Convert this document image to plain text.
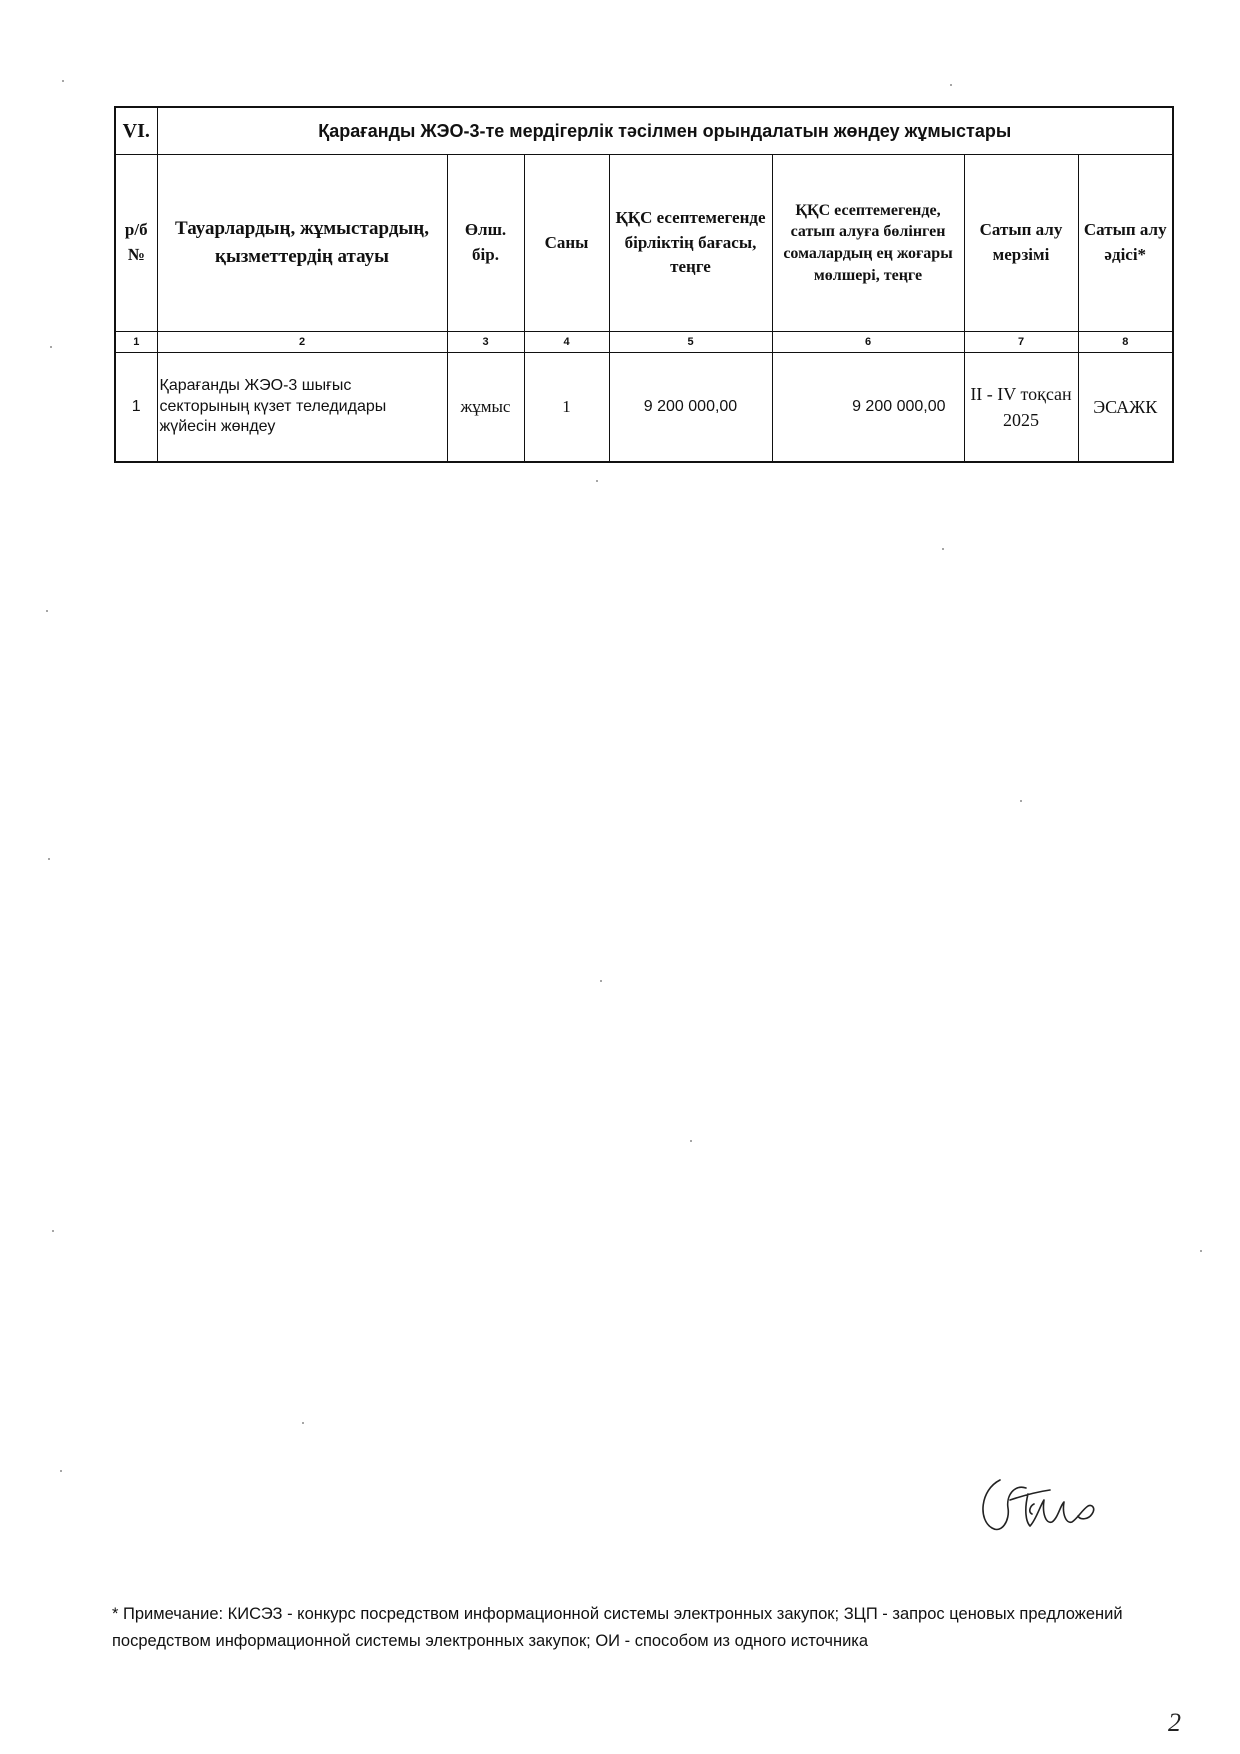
VI.	Қарағанды ЖЭО-3-те мердігерлік тәсілмен орындалатын жөндеу жұмыстары						
р/б №	Тауарлардың, жұмыстардың, қызметтердің атауы	Өлш. бір.	Саны	ҚҚС есептемегенде бірліктің бағасы, теңге	ҚҚС есептемегенде, сатып алуға бөлінген сомалардың ең жоғары мөлшері, теңге	Сатып алу мерзімі	Сатып алу әдісі*
1	2	3	4	5	6	7	8
1	Қарағанды ЖЭО-3 шығыс секторының күзет теледидары жүйесін жөндеу	жұмыс	1	9 200 000,00	9 200 000,00	II - IV тоқсан 2025	ЭСАЖК
* Примечание: КИСЭЗ - конкурс посредством информационной системы электронных закупок; ЗЦП - запрос ценовых предложений посредством информационной системы электронных закупок; ОИ - способом из одного источника
2
